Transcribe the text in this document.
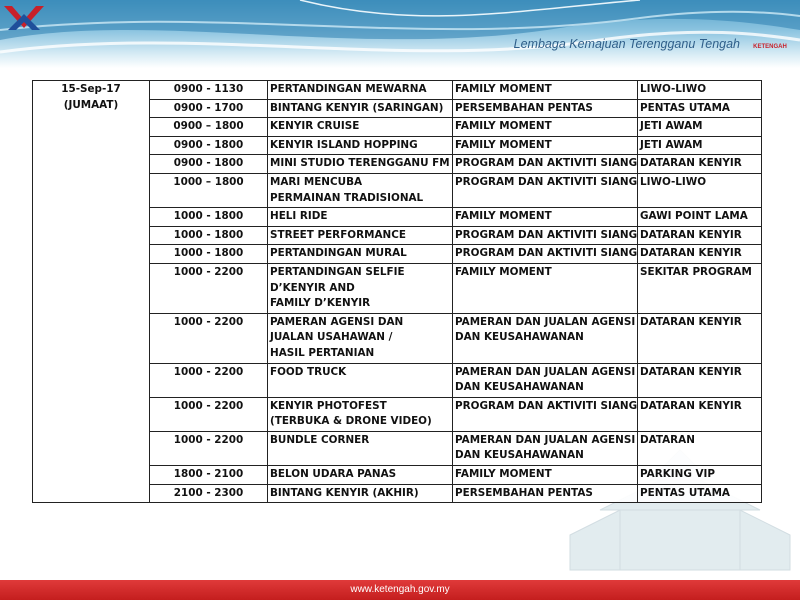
Lembaga Kemajuan Terengganu Tengah	KETENGAH
15-Sep-17
(JUMAAT)	0900 - 1130	PERTANDINGAN MEWARNA	FAMILY MOMENT	LIWO-LIWO

	0900 - 1700	BINTANG KENYIR (SARINGAN)	PERSEMBAHAN PENTAS	PENTAS UTAMA

	0900 – 1800	KENYIR CRUISE	FAMILY MOMENT	JETI AWAM

	0900 - 1800	KENYIR ISLAND HOPPING	FAMILY MOMENT	JETI AWAM

	0900 - 1800	MINI STUDIO TERENGGANU FM	PROGRAM DAN AKTIVITI SIANG	DATARAN KENYIR

	1000 – 1800	MARI MENCUBA
PERMAINAN TRADISIONAL	PROGRAM DAN AKTIVITI SIANG	LIWO-LIWO

	1000 - 1800	HELI RIDE	FAMILY MOMENT	GAWI POINT LAMA

	1000 - 1800	STREET PERFORMANCE	PROGRAM DAN AKTIVITI SIANG	DATARAN KENYIR

	1000 - 1800	PERTANDINGAN MURAL	PROGRAM DAN AKTIVITI SIANG	DATARAN KENYIR

	1000 - 2200	PERTANDINGAN SELFIE
D’KENYIR AND
FAMILY D’KENYIR	FAMILY MOMENT	SEKITAR PROGRAM

	1000 - 2200	PAMERAN AGENSI DAN
JUALAN USAHAWAN /
HASIL PERTANIAN	PAMERAN DAN JUALAN AGENSI
DAN KEUSAHAWANAN	DATARAN KENYIR

	1000 - 2200	FOOD TRUCK	PAMERAN DAN JUALAN AGENSI
DAN KEUSAHAWANAN	DATARAN KENYIR

	1000 - 2200	KENYIR PHOTOFEST
(TERBUKA & DRONE VIDEO)	PROGRAM DAN AKTIVITI SIANG	DATARAN KENYIR

	1000 - 2200	BUNDLE CORNER	PAMERAN DAN JUALAN AGENSI
DAN KEUSAHAWANAN	DATARAN

	1800 - 2100	BELON UDARA PANAS	FAMILY MOMENT	PARKING VIP

	2100 - 2300	BINTANG KENYIR (AKHIR)	PERSEMBAHAN PENTAS	PENTAS UTAMA
www.ketengah.gov.my
